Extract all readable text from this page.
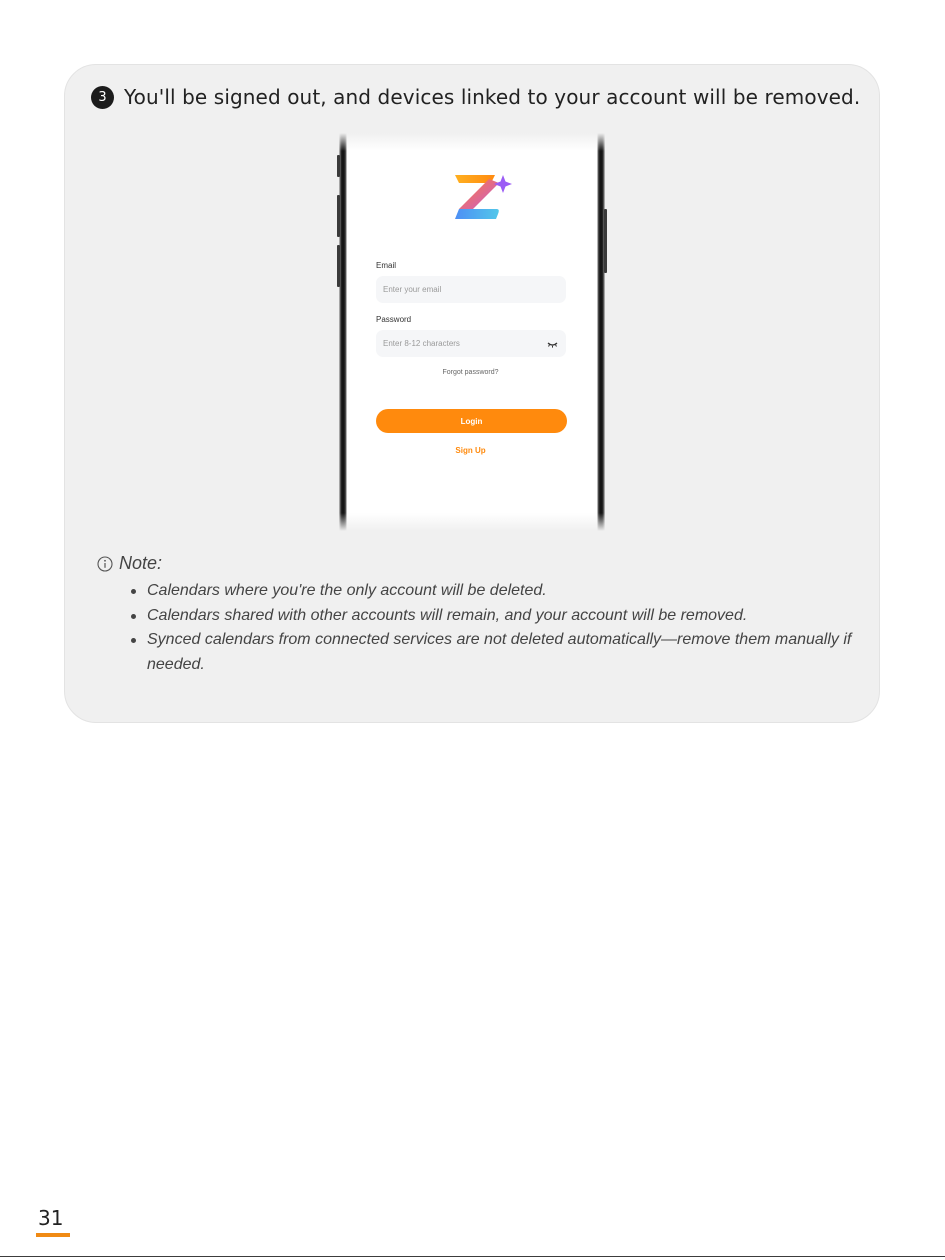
3 You'll be signed out, and devices linked to your account will be removed.
Email
Enter your email
Password
Forgot password?
Login
Sign Up
Note:
Calendars where you're the only account will be deleted.
Calendars shared with other accounts will remain, and your account will be removed.
Synced calendars from connected services are not deleted automatically—remove them manually if needed.
31
